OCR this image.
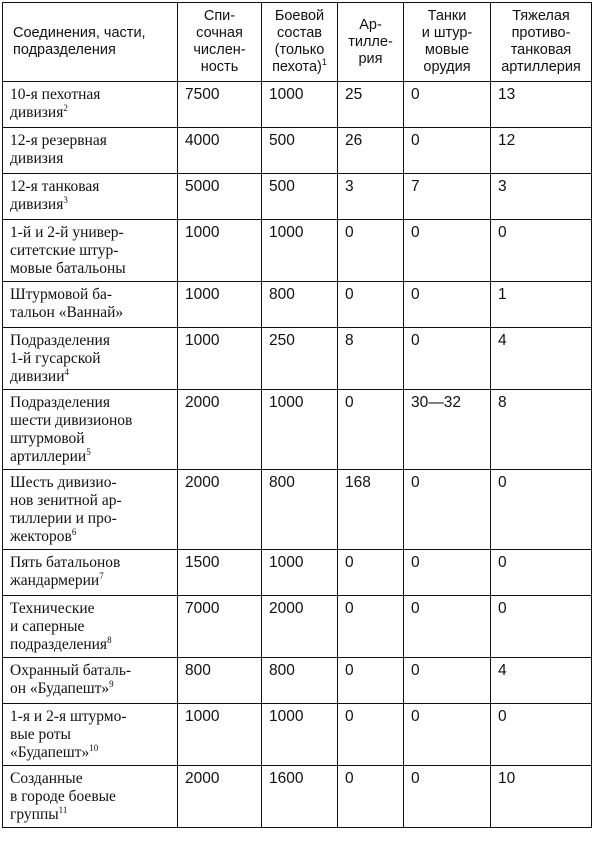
Соединения, части,
подразделения	Спи-
сочная
числен-
ность	Боевой
состав
(только
пехота)$^1$	Ар-
тилле-
рия	Танки
и штур-
мовые
орудия	Тяжелая
противо-
танковая
артиллерия
10-я пехотная
дивизия$^2$	7500	1000	25	0	13
12-я резервная
дивизия	4000	500	26	0	12
12-я танковая
дивизия$^3$	5000	500	3	7	3
1-й и 2-й универ-
ситетские штур-
мовые батальоны	1000	1000	0	0	0
Штурмовой ба-
тальон «Ваннай»	1000	800	0	0	1
Подразделения
1-й гусарской
дивизии$^4$	1000	250	8	0	4
Подразделения
шести дивизионов
штурмовой
артиллерии$^5$	2000	1000	0	30—32	8
Шесть дивизио-
нов зенитной ар-
тиллерии и про-
жекторов$^6$	2000	800	168	0	0
Пять батальонов
жандармерии$^7$	1500	1000	0	0	0
Технические
и саперные
подразделения$^8$	7000	2000	0	0	0
Охранный баталь-
он «Будапешт»$^9$	800	800	0	0	4
1-я и 2-я штурмо-
вые роты
«Будапешт»$^{10}$	1000	1000	0	0	0
Созданные
в городе боевые
группы$^{11}$	2000	1600	0	0	10
